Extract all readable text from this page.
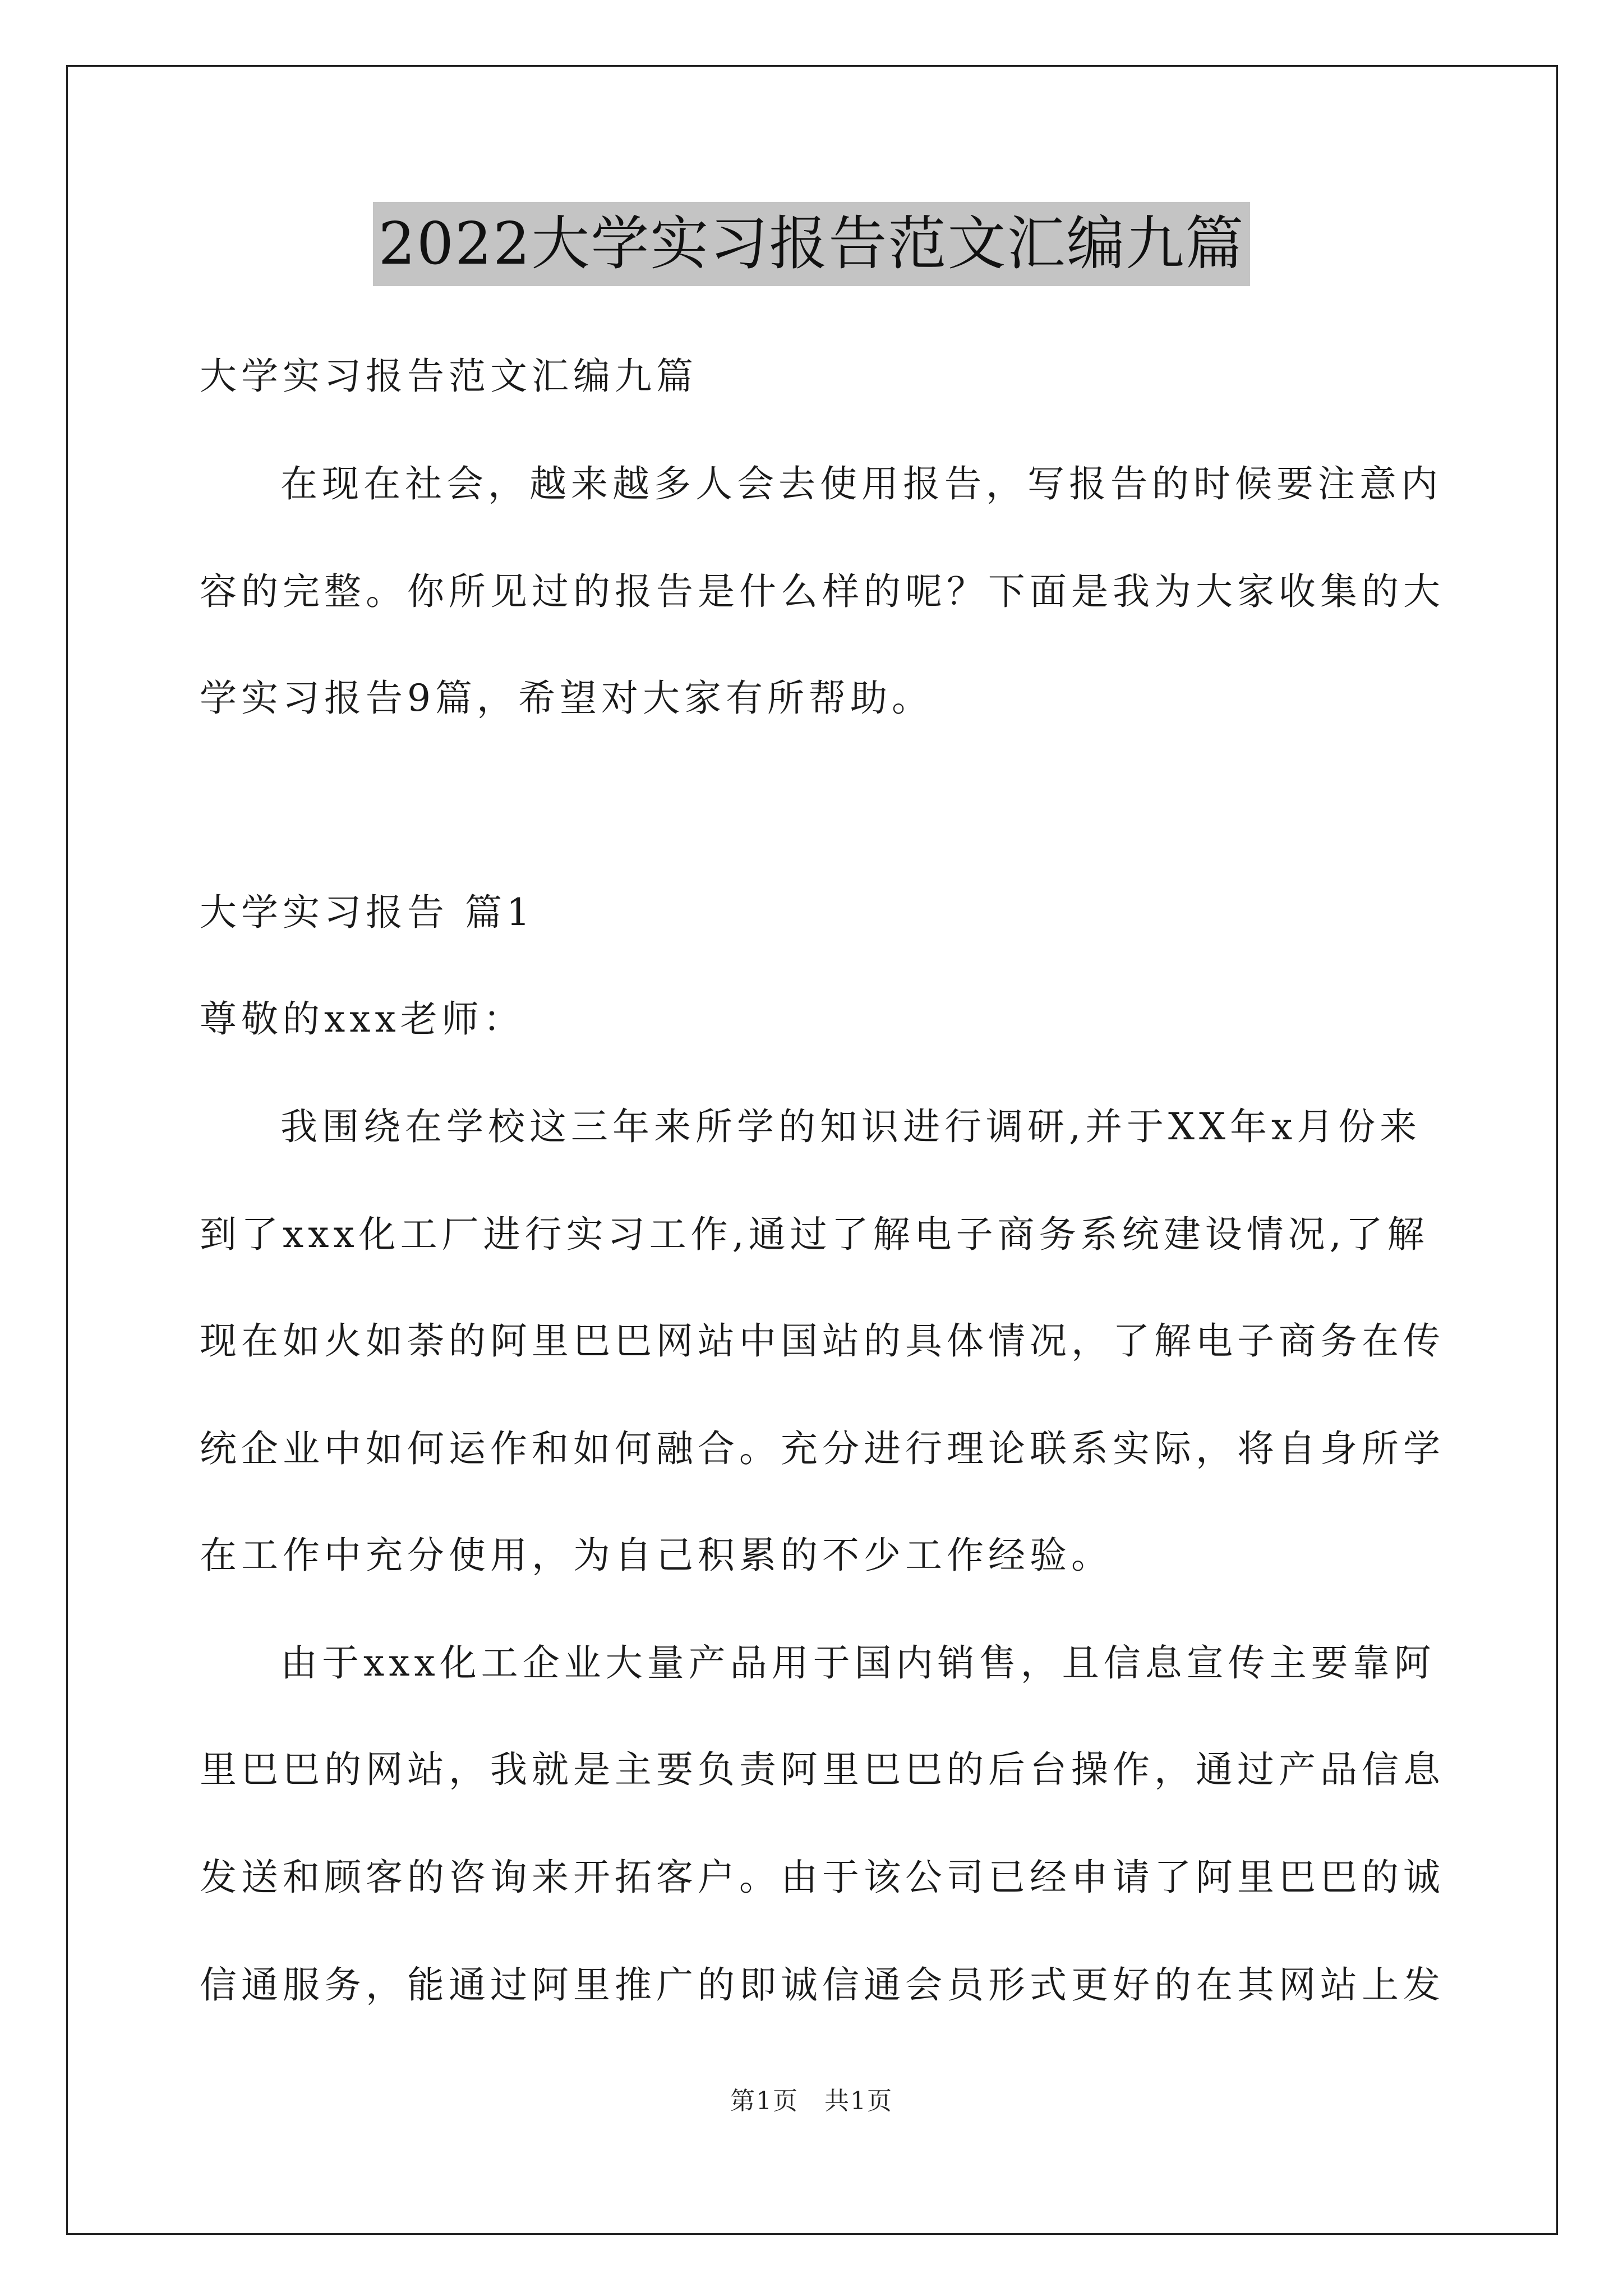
2022大学实习报告范文汇编九篇
大学实习报告范文汇编九篇
在现在社会，越来越多人会去使用报告，写报告的时候要注意内
容的完整。你所见过的报告是什么样的呢？下面是我为大家收集的大
学实习报告9篇，希望对大家有所帮助。
大学实习报告 篇1
尊敬的xxx老师：
我围绕在学校这三年来所学的知识进行调研,并于XX年x月份来
到了xxx化工厂进行实习工作,通过了解电子商务系统建设情况,了解
现在如火如荼的阿里巴巴网站中国站的具体情况，了解电子商务在传
统企业中如何运作和如何融合。充分进行理论联系实际，将自身所学
在工作中充分使用，为自己积累的不少工作经验。
由于xxx化工企业大量产品用于国内销售，且信息宣传主要靠阿
里巴巴的网站，我就是主要负责阿里巴巴的后台操作，通过产品信息
发送和顾客的咨询来开拓客户。由于该公司已经申请了阿里巴巴的诚
信通服务，能通过阿里推广的即诚信通会员形式更好的在其网站上发
第1页　共1页
